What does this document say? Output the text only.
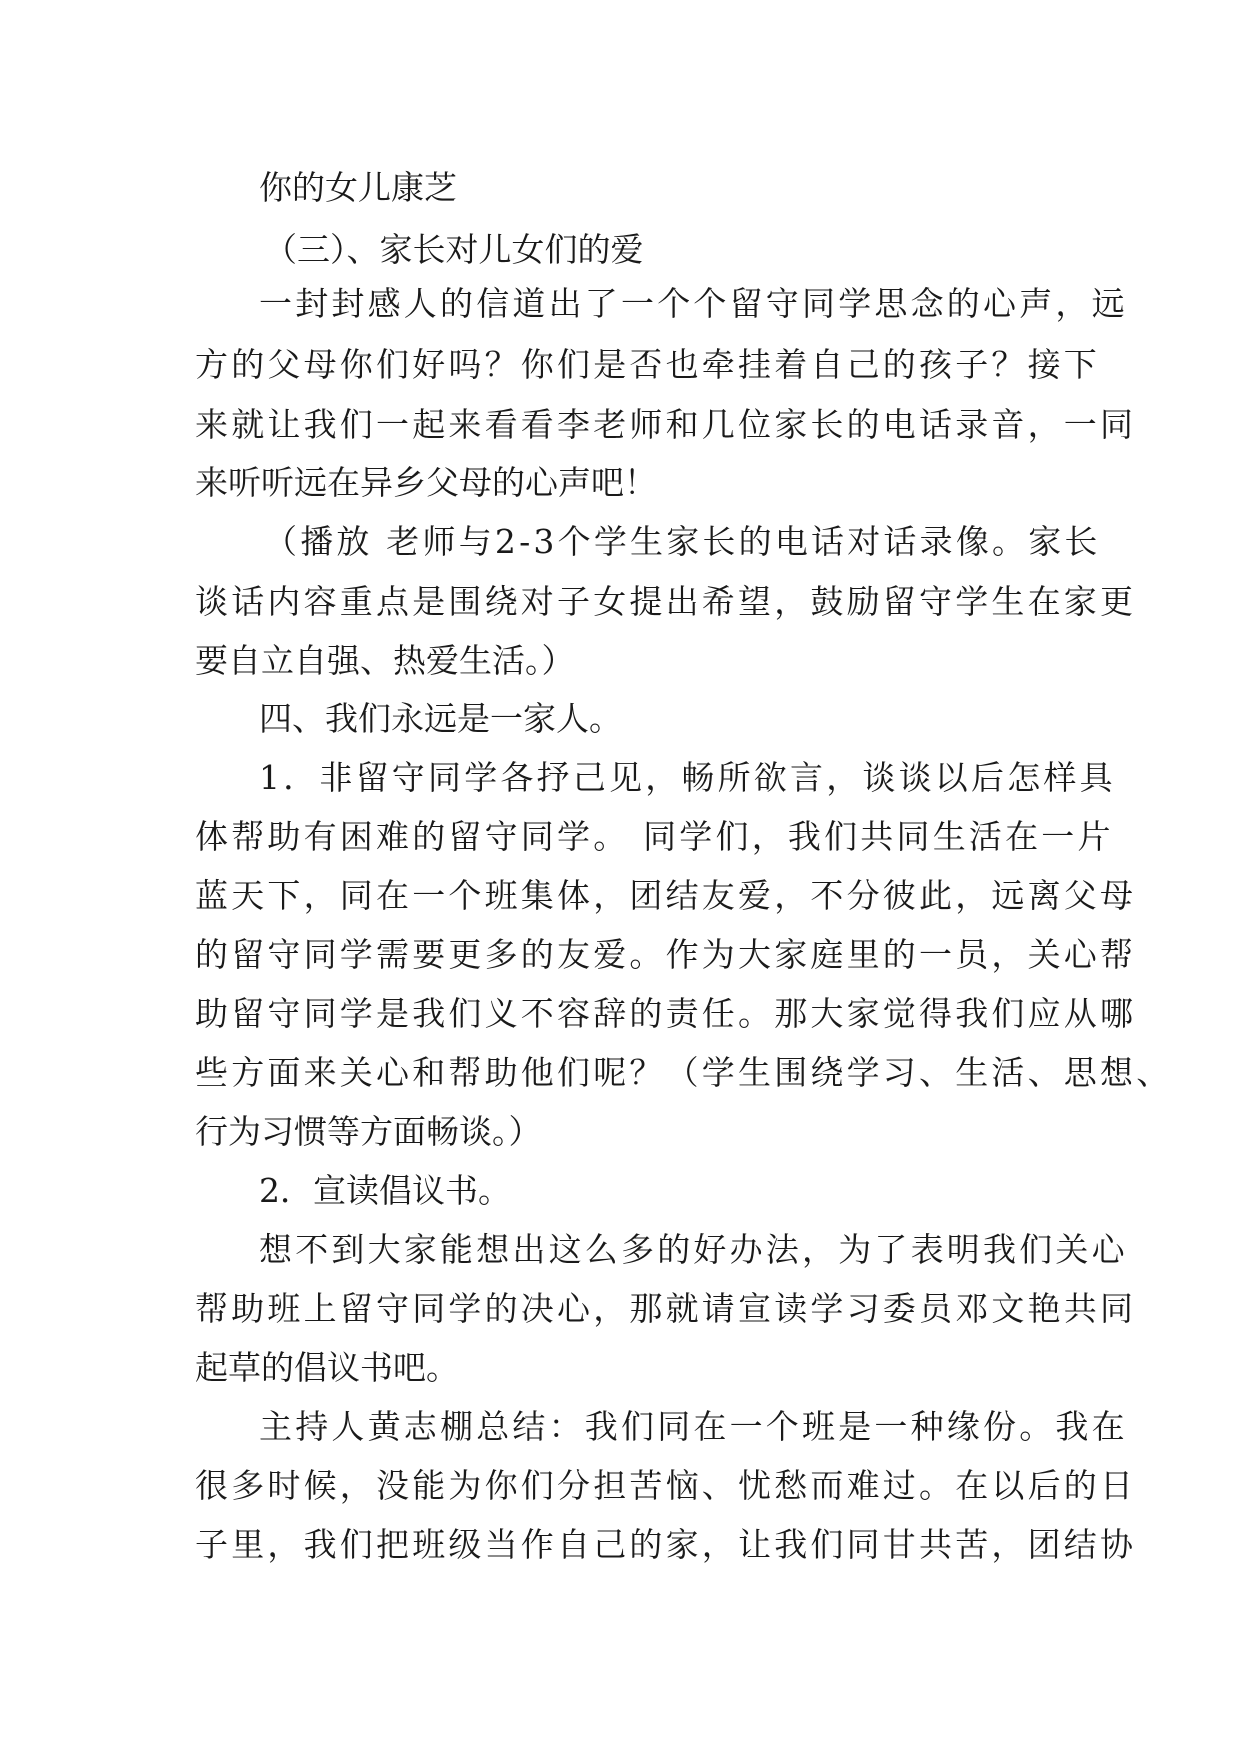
你的女儿康芝

（三）、家长对儿女们的爱

一封封感人的信道出了一个个留守同学思念的心声，远

方的父母你们好吗？你们是否也牵挂着自己的孩子？接下

来就让我们一起来看看李老师和几位家长的电话录音，一同

来听听远在异乡父母的心声吧！

（播放 老师与2-3个学生家长的电话对话录像。家长

谈话内容重点是围绕对子女提出希望，鼓励留守学生在家更

要自立自强、热爱生活。）

四、我们永远是一家人。

1．非留守同学各抒己见，畅所欲言，谈谈以后怎样具

体帮助有困难的留守同学。 同学们，我们共同生活在一片

蓝天下，同在一个班集体，团结友爱，不分彼此，远离父母

的留守同学需要更多的友爱。作为大家庭里的一员，关心帮

助留守同学是我们义不容辞的责任。那大家觉得我们应从哪

些方面来关心和帮助他们呢？（学生围绕学习、生活、思想、

行为习惯等方面畅谈。）

2．宣读倡议书。

想不到大家能想出这么多的好办法，为了表明我们关心

帮助班上留守同学的决心，那就请宣读学习委员邓文艳共同

起草的倡议书吧。

主持人黄志棚总结：我们同在一个班是一种缘份。我在

很多时候，没能为你们分担苦恼、忧愁而难过。在以后的日

子里，我们把班级当作自己的家，让我们同甘共苦，团结协
